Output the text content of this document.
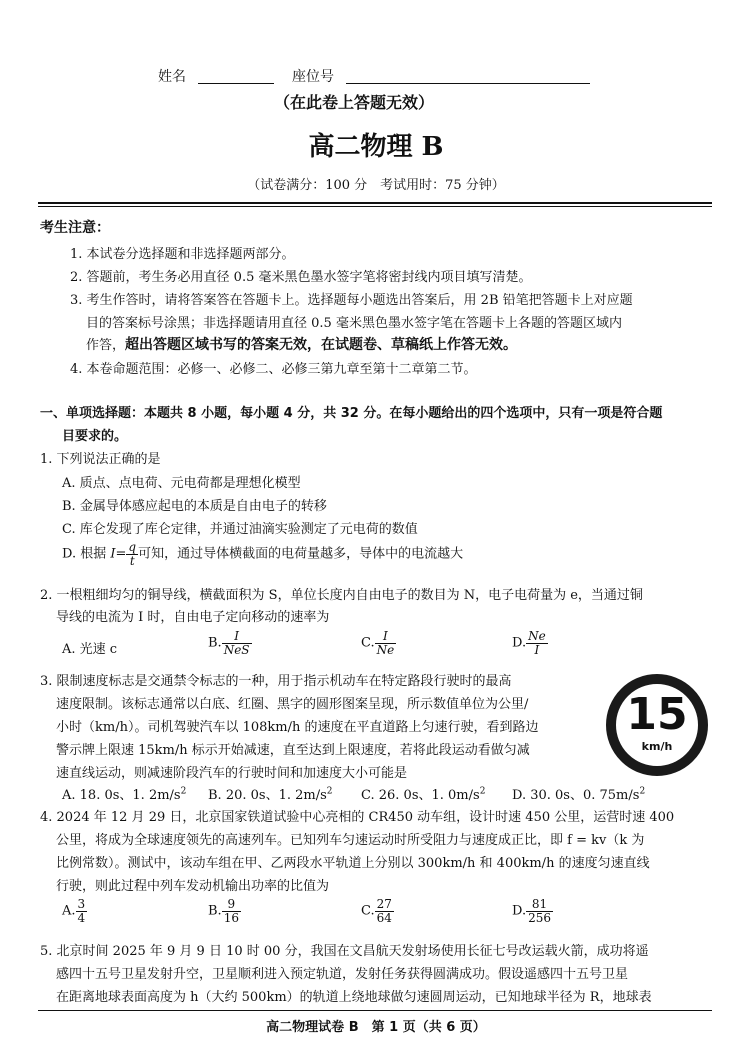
姓名	座位号
（在此卷上答题无效）
高二物理 B
（试卷满分：100 分　考试用时：75 分钟）
考生注意：
1. 本试卷分选择题和非选择题两部分。
2. 答题前，考生务必用直径 0.5 毫米黑色墨水签字笔将密封线内项目填写清楚。
3. 考生作答时，请将答案答在答题卡上。选择题每小题选出答案后，用 2B 铅笔把答题卡上对应题
目的答案标号涂黑；非选择题请用直径 0.5 毫米黑色墨水签字笔在答题卡上各题的答题区域内
作答，超出答题区域书写的答案无效，在试题卷、草稿纸上作答无效。
4. 本卷命题范围：必修一、必修二、必修三第九章至第十二章第二节。
一、单项选择题：本题共 8 小题，每小题 4 分，共 32 分。在每小题给出的四个选项中，只有一项是符合题
目要求的。
1. 下列说法正确的是
A. 质点、点电荷、元电荷都是理想化模型
B. 金属导体感应起电的本质是自由电子的转移
C. 库仑发现了库仑定律，并通过油滴实验测定了元电荷的数值
D. 根据 $I= \frac{q}{t}$ 可知，通过导体横截面的电荷量越多，导体中的电流越大
2. 一根粗细均匀的铜导线，横截面积为 S，单位长度内自由电子的数目为 N，电子电荷量为 e，当通过铜
导线的电流为 I 时，自由电子定向移动的速率为
A. 光速 c	B. $\frac{I}{\text{NeS}}$	C. $\frac{I}{Ne}$	D. $\frac{Ne}{I}$
3. 限制速度标志是交通禁令标志的一种，用于指示机动车在特定路段行驶时的最高
速度限制。该标志通常以白底、红圈、黑字的圆形图案呈现，所示数值单位为公里/
小时（km/h）。司机驾驶汽车以 108km/h 的速度在平直道路上匀速行驶，看到路边
警示牌上限速 15km/h 标示开始减速，直至达到上限速度，若将此段运动看做匀减
速直线运动，则减速阶段汽车的行驶时间和加速度大小可能是
A. 18. 0s、1. $2m/s^2$ B. 20. 0s、1. $2m/s^2$ C. 26. 0s、1. $0m/s^2$ D. 30. 0s、0. $75m/s^2$
15
km/h
4. 2024 年 12 月 29 日，北京国家铁道试验中心亮相的 CR450 动车组，设计时速 450 公里，运营时速 400
公里，将成为全球速度领先的高速列车。已知列车匀速运动时所受阻力与速度成正比，即 f = kv（k 为
比例常数）。测试中，该动车组在甲、乙两段水平轨道上分别以 300km/h 和 400km/h 的速度匀速直线
行驶，则此过程中列车发动机输出功率的比值为
A. $\frac{3}{4}$	B. $\frac{9}{16}$	C. $\frac{27}{64}$	D. $\frac{81}{256}$
5. 北京时间 2025 年 9 月 9 日 10 时 00 分，我国在文昌航天发射场使用长征七号改运载火箭，成功将遥
感四十五号卫星发射升空，卫星顺利进入预定轨道，发射任务获得圆满成功。假设遥感四十五号卫星
在距离地球表面高度为 h（大约 500km）的轨道上绕地球做匀速圆周运动，已知地球半径为 R，地球表
高二物理试卷 B　第 1 页（共 6 页）
